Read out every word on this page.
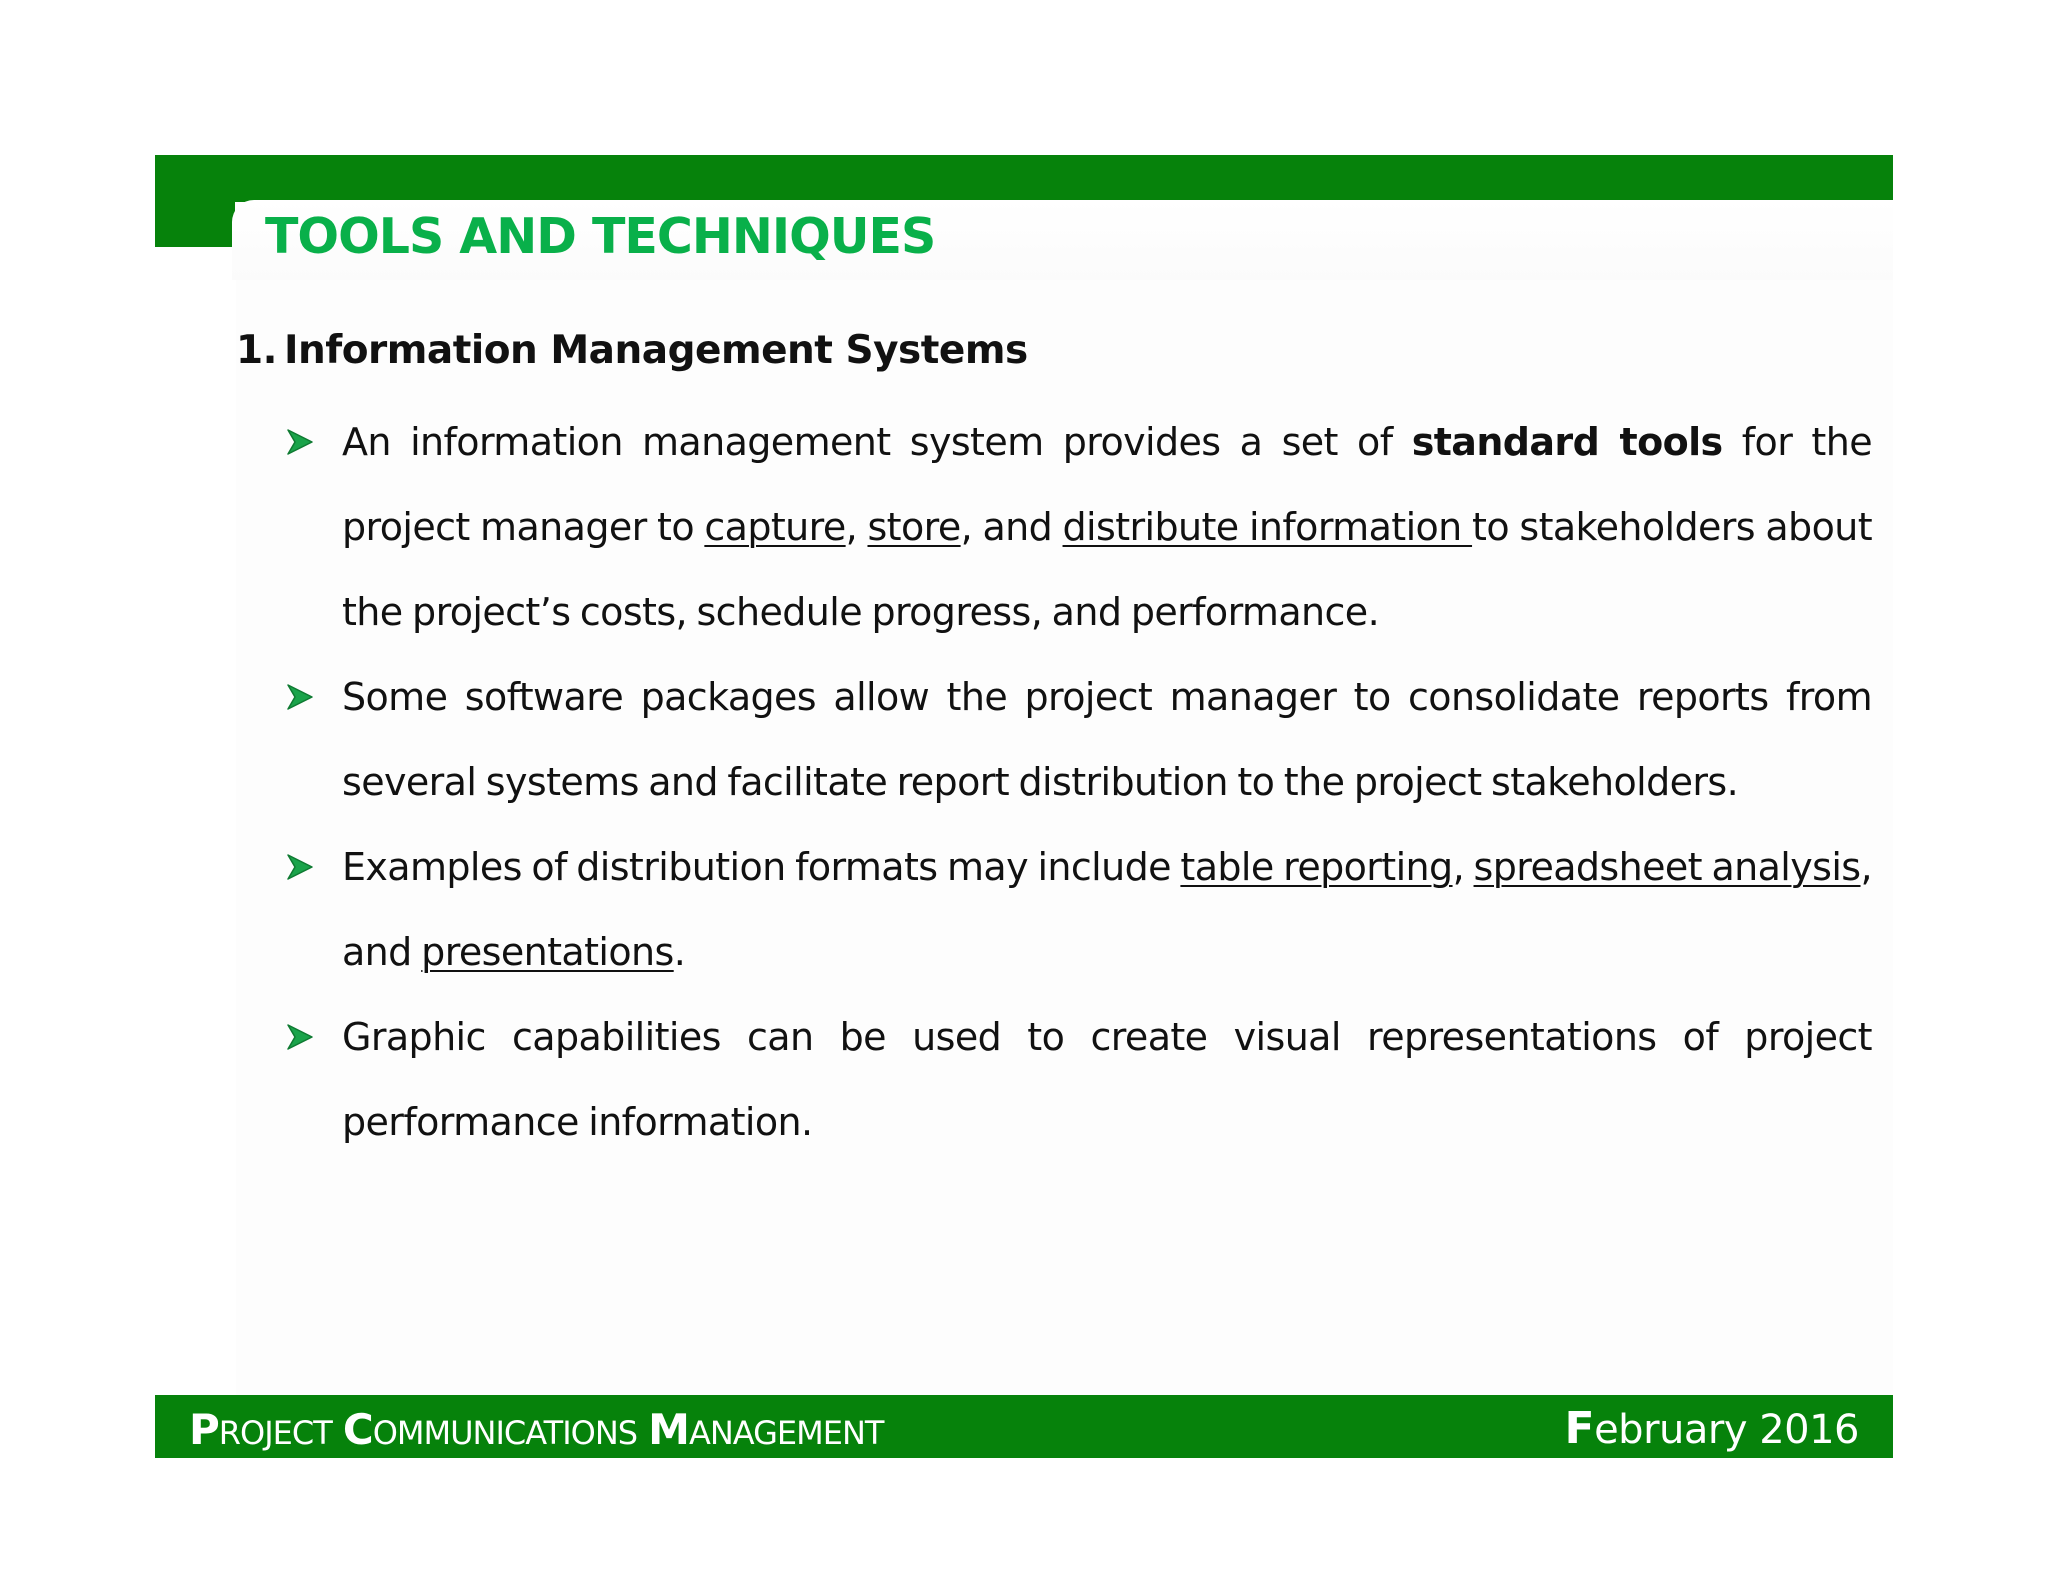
TOOLS AND TECHNIQUES
1. Information Management Systems
An information management system provides a set of standard tools for the project manager to capture, store, and distribute information to stakeholders about the project’s costs, schedule progress, and performance.
Some software packages allow the project manager to consolidate reports from several systems and facilitate report distribution to the project stakeholders.
Examples of distribution formats may include table reporting, spreadsheet analysis, and presentations.
Graphic capabilities can be used to create visual representations of project performance information.
PROJECT COMMUNICATIONS MANAGEMENT	February 2016
